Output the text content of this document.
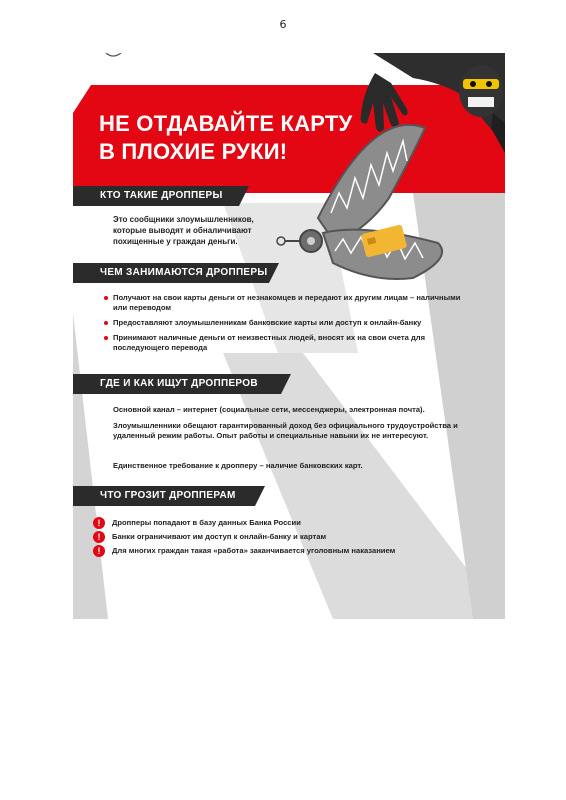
6
НЕ ОТДАВАЙТЕ КАРТУ
В ПЛОХИЕ РУКИ!
КТО ТАКИЕ ДРОППЕРЫ

Это сообщники злоумышленников, которые выводят и обналичивают похищенные у граждан деньги.

ЧЕМ ЗАНИМАЮТСЯ ДРОППЕРЫ
Получают на свои карты деньги от незнакомцев и передают их другим лицам – наличными или переводом
Предоставляют злоумышленникам банковские карты или доступ к онлайн-банку
Принимают наличные деньги от неизвестных людей, вносят их на свои счета для последующего перевода
ГДЕ И КАК ИЩУТ ДРОППЕРОВ

Основной канал – интернет (социальные сети, мессенджеры, электронная почта).

Злоумышленники обещают гарантированный доход без официального трудоустройства и удаленный режим работы. Опыт работы и специальные навыки их не интересуют.

Единственное требование к дропперу – наличие банковских карт.

ЧТО ГРОЗИТ ДРОППЕРАМ
!	Дропперы попадают в базу данных Банка России
!	Банки ограничивают им доступ к онлайн-банку и картам
!	Для многих граждан такая «работа» заканчивается уголовным наказанием
